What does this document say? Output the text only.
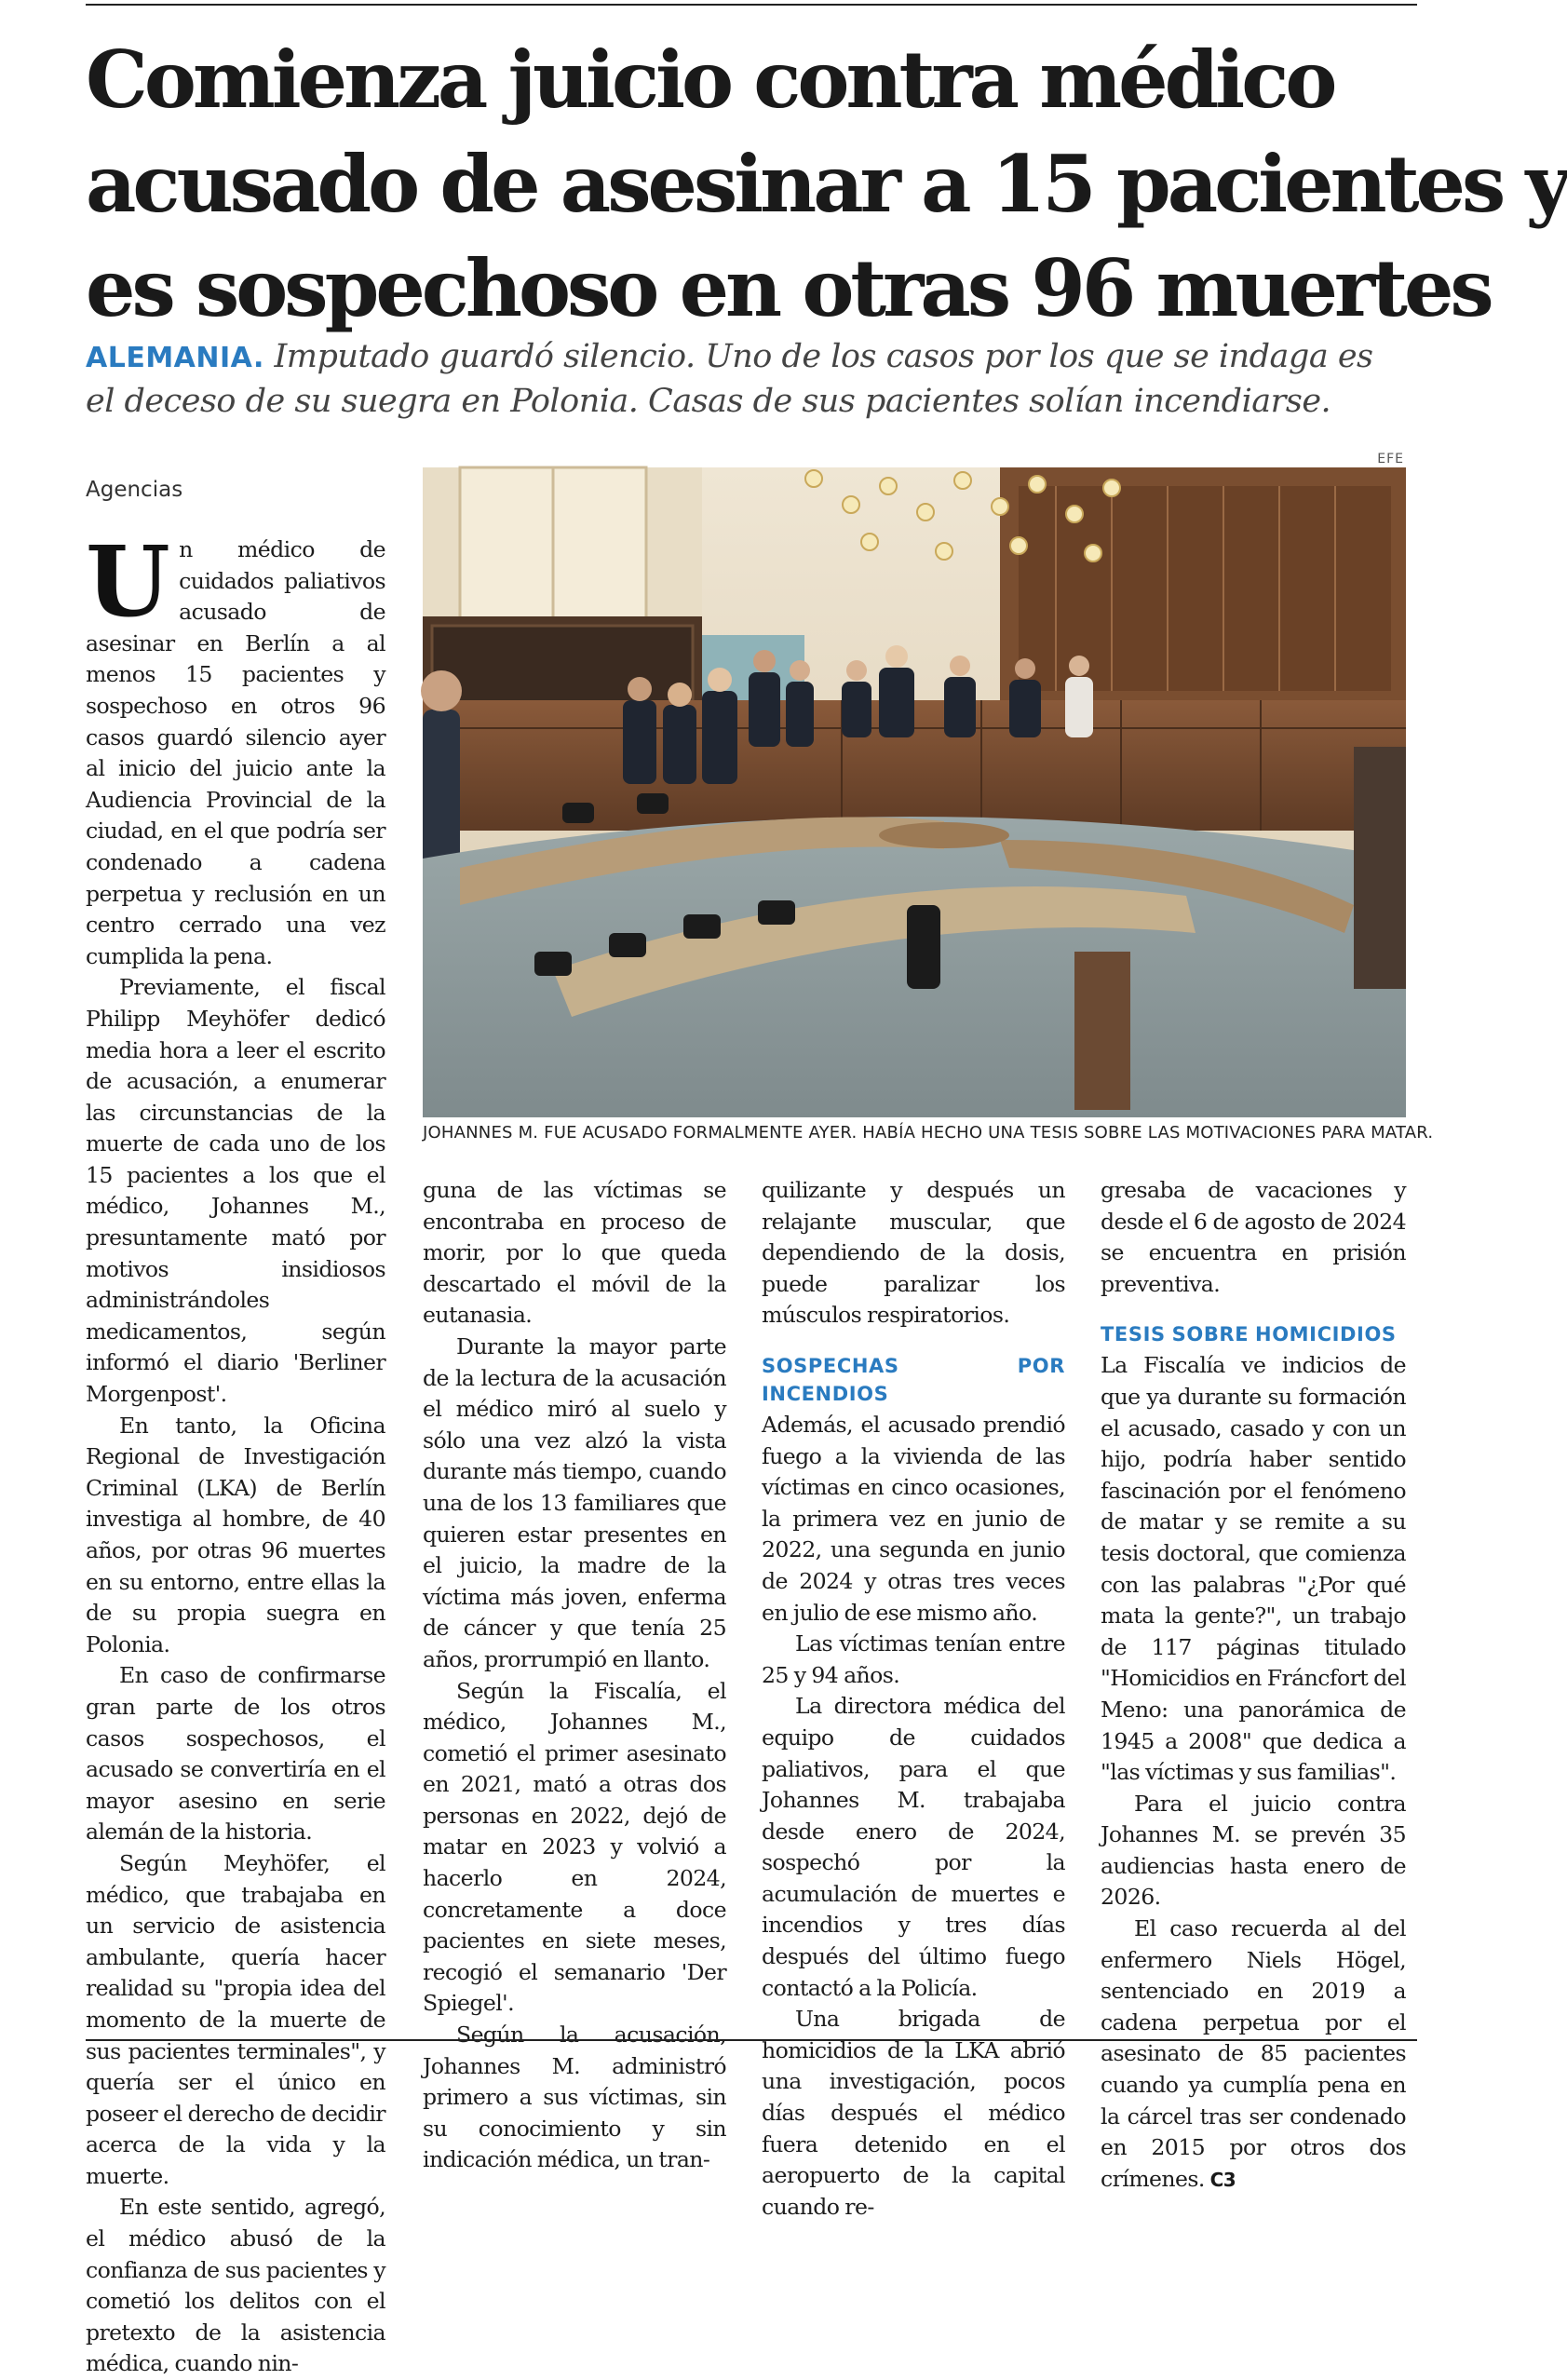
Comienza juicio contra médico
acusado de asesinar a 15 pacientes y
es sospechoso en otras 96 muertes

ALEMANIA. Imputado guardó silencio. Uno de los casos por los que se indaga es el deceso de su suegra en Polonia. Casas de sus pacientes solían incendiarse.

Agencias
EFE
JOHANNES M. FUE ACUSADO FORMALMENTE AYER. HABÍA HECHO UNA TESIS SOBRE LAS MOTIVACIONES PARA MATAR.

Un médico de cuidados paliativos acusado de asesinar en Berlín a al menos 15 pacientes y sospechoso en otros 96 casos guardó silencio ayer al inicio del juicio ante la Audiencia Provincial de la ciudad, en el que podría ser condenado a cadena perpetua y reclusión en un centro cerrado una vez cumplida la pena.

Previamente, el fiscal Philipp Meyhöfer dedicó media hora a leer el escrito de acusación, a enumerar las circunstancias de la muerte de cada uno de los 15 pacientes a los que el médico, Johannes M., presuntamente mató por motivos insidiosos administrándoles medicamentos, según informó el diario 'Berliner Morgenpost'.

En tanto, la Oficina Regional de Investigación Criminal (LKA) de Berlín investiga al hombre, de 40 años, por otras 96 muertes en su entorno, entre ellas la de su propia suegra en Polonia.

En caso de confirmarse gran parte de los otros casos sospechosos, el acusado se convertiría en el mayor asesino en serie alemán de la historia.

Según Meyhöfer, el médico, que trabajaba en un servicio de asistencia ambulante, quería hacer realidad su "propia idea del momento de la muerte de sus pacientes terminales", y quería ser el único en poseer el derecho de decidir acerca de la vida y la muerte.

En este sentido, agregó, el médico abusó de la confianza de sus pacientes y cometió los delitos con el pretexto de la asistencia médica, cuando nin-

guna de las víctimas se encontraba en proceso de morir, por lo que queda descartado el móvil de la eutanasia.

Durante la mayor parte de la lectura de la acusación el médico miró al suelo y sólo una vez alzó la vista durante más tiempo, cuando una de los 13 familiares que quieren estar presentes en el juicio, la madre de la víctima más joven, enferma de cáncer y que tenía 25 años, prorrumpió en llanto.

Según la Fiscalía, el médico, Johannes M., cometió el primer asesinato en 2021, mató a otras dos personas en 2022, dejó de matar en 2023 y volvió a hacerlo en 2024, concretamente a doce pacientes en siete meses, recogió el semanario 'Der Spiegel'.

Según la acusación, Johannes M. administró primero a sus víctimas, sin su conocimiento y sin indicación médica, un tran-

quilizante y después un relajante muscular, que dependiendo de la dosis, puede paralizar los músculos respiratorios.

SOSPECHAS POR INCENDIOS

Además, el acusado prendió fuego a la vivienda de las víctimas en cinco ocasiones, la primera vez en junio de 2022, una segunda en junio de 2024 y otras tres veces en julio de ese mismo año.

Las víctimas tenían entre 25 y 94 años.

La directora médica del equipo de cuidados paliativos, para el que Johannes M. trabajaba desde enero de 2024, sospechó por la acumulación de muertes e incendios y tres días después del último fuego contactó a la Policía.

Una brigada de homicidios de la LKA abrió una investigación, pocos días después el médico fuera detenido en el aeropuerto de la capital cuando re-

gresaba de vacaciones y desde el 6 de agosto de 2024 se encuentra en prisión preventiva.

TESIS SOBRE HOMICIDIOS

La Fiscalía ve indicios de que ya durante su formación el acusado, casado y con un hijo, podría haber sentido fascinación por el fenómeno de matar y se remite a su tesis doctoral, que comienza con las palabras "¿Por qué mata la gente?", un trabajo de 117 páginas titulado "Homicidios en Fráncfort del Meno: una panorámica de 1945 a 2008" que dedica a "las víctimas y sus familias".

Para el juicio contra Johannes M. se prevén 35 audiencias hasta enero de 2026.

El caso recuerda al del enfermero Niels Högel, sentenciado en 2019 a cadena perpetua por el asesinato de 85 pacientes cuando ya cumplía pena en la cárcel tras ser condenado en 2015 por otros dos crímenes. C3
